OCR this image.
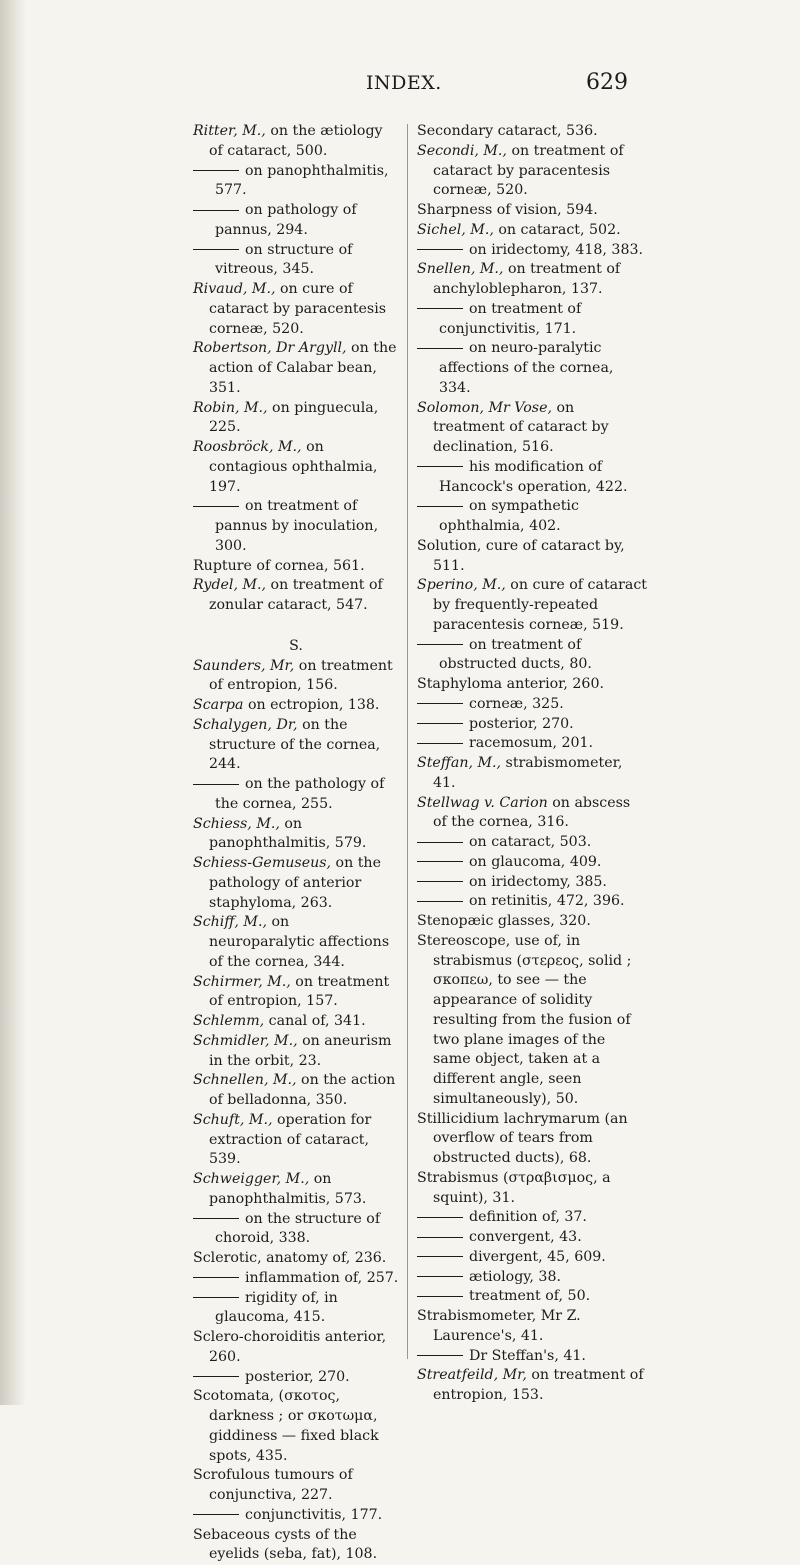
INDEX.	629
Ritter, M., on the ætiology of cataract, 500.
on panophthalmitis, 577.
on pathology of pannus, 294.
on structure of vitreous, 345.
Rivaud, M., on cure of cataract by paracentesis corneæ, 520.
Robertson, Dr Argyll, on the action of Calabar bean, 351.
Robin, M., on pinguecula, 225.
Roosbröck, M., on contagious ophthalmia, 197.
on treatment of pannus by inoculation, 300.
Rupture of cornea, 561.
Rydel, M., on treatment of zonular cataract, 547.
S.
Saunders, Mr, on treatment of entropion, 156.
Scarpa on ectropion, 138.
Schalygen, Dr, on the structure of the cornea, 244.
on the pathology of the cornea, 255.
Schiess, M., on panophthalmitis, 579.
Schiess-Gemuseus, on the pathology of anterior staphyloma, 263.
Schiff, M., on neuroparalytic affections of the cornea, 344.
Schirmer, M., on treatment of entropion, 157.
Schlemm, canal of, 341.
Schmidler, M., on aneurism in the orbit, 23.
Schnellen, M., on the action of belladonna, 350.
Schuft, M., operation for extraction of cataract, 539.
Schweigger, M., on panophthalmitis, 573.
on the structure of choroid, 338.
Sclerotic, anatomy of, 236.
inflammation of, 257.
rigidity of, in glaucoma, 415.
Sclero-choroiditis anterior, 260.
posterior, 270.
Scotomata, (σκοτος, darkness ; or σκοτωμα, giddiness — fixed black spots, 435.
Scrofulous tumours of conjunctiva, 227.
conjunctivitis, 177.
Sebaceous cysts of the eyelids (seba, fat), 108.
Secondary cataract, 536.
Secondi, M., on treatment of cataract by paracentesis corneæ, 520.
Sharpness of vision, 594.
Sichel, M., on cataract, 502.
on iridectomy, 418, 383.
Snellen, M., on treatment of anchyloblepharon, 137.
on treatment of conjunctivitis, 171.
on neuro-paralytic affections of the cornea, 334.
Solomon, Mr Vose, on treatment of cataract by declination, 516.
his modification of Hancock's operation, 422.
on sympathetic ophthalmia, 402.
Solution, cure of cataract by, 511.
Sperino, M., on cure of cataract by frequently-repeated paracentesis corneæ, 519.
on treatment of obstructed ducts, 80.
Staphyloma anterior, 260.
corneæ, 325.
posterior, 270.
racemosum, 201.
Steffan, M., strabismometer, 41.
Stellwag v. Carion on abscess of the cornea, 316.
on cataract, 503.
on glaucoma, 409.
on iridectomy, 385.
on retinitis, 472, 396.
Stenopæic glasses, 320.
Stereoscope, use of, in strabismus (στερεος, solid ; σκοπεω, to see — the appearance of solidity resulting from the fusion of two plane images of the same object, taken at a different angle, seen simultaneously), 50.
Stillicidium lachrymarum (an overflow of tears from obstructed ducts), 68.
Strabismus (στραβισμος, a squint), 31.
definition of, 37.
convergent, 43.
divergent, 45, 609.
ætiology, 38.
treatment of, 50.
Strabismometer, Mr Z. Laurence's, 41.
Dr Steffan's, 41.
Streatfeild, Mr, on treatment of entropion, 153.
